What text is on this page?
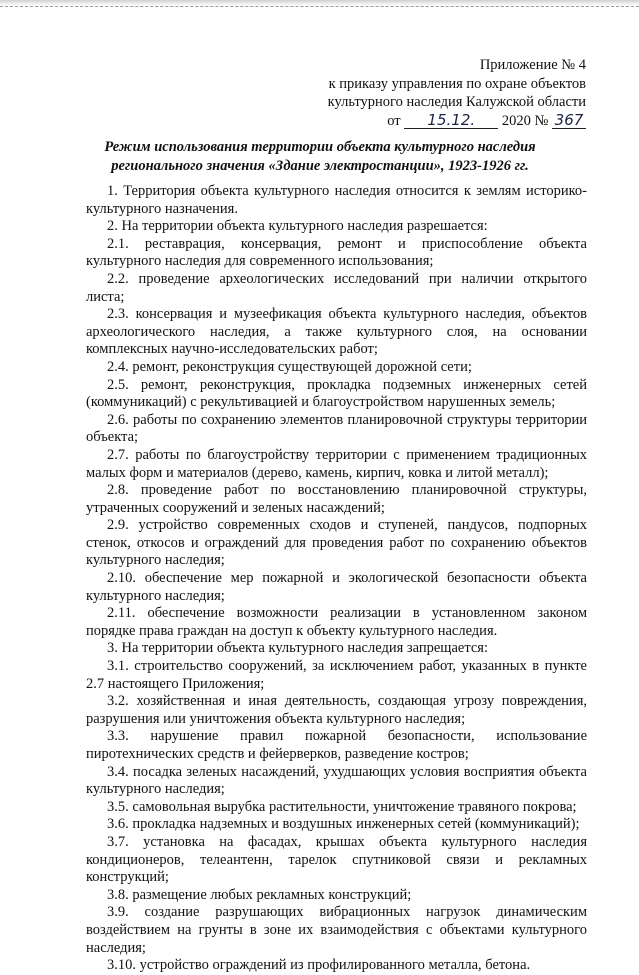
Приложение № 4
к приказу управления по охране объектов
культурного наследия Калужской области
от 15.12. 2020 № 367
Режим использования территории объекта культурного наследия
регионального значения «Здание электростанции», 1923-1926 гг.

1. Территория объекта культурного наследия относится к землям историко-культурного назначения.

2. На территории объекта культурного наследия разрешается:

2.1. реставрация, консервация, ремонт и приспособление объекта культурного наследия для современного использования;

2.2. проведение археологических исследований при наличии открытого листа;

2.3. консервация и музеефикация объекта культурного наследия, объектов археологического наследия, а также культурного слоя, на основании комплексных научно-исследовательских работ;

2.4. ремонт, реконструкция существующей дорожной сети;

2.5. ремонт, реконструкция, прокладка подземных инженерных сетей (коммуникаций) с рекультивацией и благоустройством нарушенных земель;

2.6. работы по сохранению элементов планировочной структуры территории объекта;

2.7. работы по благоустройству территории с применением традиционных малых форм и материалов (дерево, камень, кирпич, ковка и литой металл);

2.8. проведение работ по восстановлению планировочной структуры, утраченных сооружений и зеленых насаждений;

2.9. устройство современных сходов и ступеней, пандусов, подпорных стенок, откосов и ограждений для проведения работ по сохранению объектов культурного наследия;

2.10. обеспечение мер пожарной и экологической безопасности объекта культурного наследия;

2.11. обеспечение возможности реализации в установленном законом порядке права граждан на доступ к объекту культурного наследия.

3. На территории объекта культурного наследия запрещается:

3.1. строительство сооружений, за исключением работ, указанных в пункте 2.7 настоящего Приложения;

3.2. хозяйственная и иная деятельность, создающая угрозу повреждения, разрушения или уничтожения объекта культурного наследия;

3.3. нарушение правил пожарной безопасности, использование пиротехнических средств и фейерверков, разведение костров;

3.4. посадка зеленых насаждений, ухудшающих условия восприятия объекта культурного наследия;

3.5. самовольная вырубка растительности, уничтожение травяного покрова;

3.6. прокладка надземных и воздушных инженерных сетей (коммуникаций);

3.7. установка на фасадах, крышах объекта культурного наследия кондиционеров, телеантенн, тарелок спутниковой связи и рекламных конструкций;

3.8. размещение любых рекламных конструкций;

3.9. создание разрушающих вибрационных нагрузок динамическим воздействием на грунты в зоне их взаимодействия с объектами культурного наследия;

3.10. устройство ограждений из профилированного металла, бетона.
